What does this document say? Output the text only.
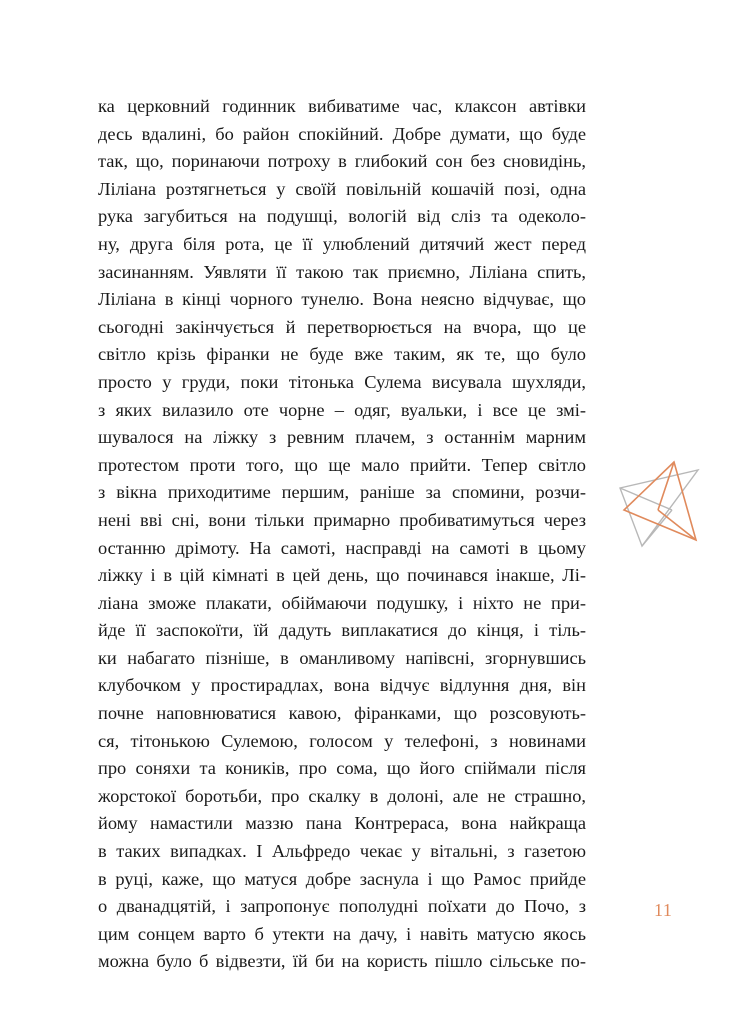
ка церковний годинник вибиватиме час, клаксон автівки
десь вдалині, бо район спокійний. Добре думати, що буде
так, що, поринаючи потроху в глибокий сон без сновидінь,
Ліліана розтягнеться у своїй повільній кошачій позі, одна
рука загубиться на подушці, вологій від сліз та одеколо-
ну, друга біля рота, це її улюблений дитячий жест перед
засинанням. Уявляти її такою так приємно, Ліліана спить,
Ліліана в кінці чорного тунелю. Вона неясно відчуває, що
сьогодні закінчується й перетворюється на вчора, що це
світло крізь фіранки не буде вже таким, як те, що було
просто у груди, поки тітонька Сулема висувала шухляди,
з яких вилазило оте чорне – одяг, вуальки, і все це змі-
шувалося на ліжку з ревним плачем, з останнім марним
протестом проти того, що ще мало прийти. Тепер світло
з вікна приходитиме першим, раніше за спомини, розчи-
нені вві сні, вони тільки примарно пробиватимуться через
останню дрімоту. На самоті, насправді на самоті в цьому
ліжку і в цій кімнаті в цей день, що починався інакше, Лі-
ліана зможе плакати, обіймаючи подушку, і ніхто не при-
йде її заспокоїти, їй дадуть виплакатися до кінця, і тіль-
ки набагато пізніше, в оманливому напівсні, згорнувшись
клубочком у простирадлах, вона відчує відлуння дня, він
почне наповнюватися кавою, фіранками, що розсовують-
ся, тітонькою Сулемою, голосом у телефоні, з новинами
про соняхи та коників, про сома, що його спіймали після
жорстокої боротьби, про скалку в долоні, але не страшно,
йому намастили маззю пана Контрераса, вона найкраща
в таких випадках. І Альфредо чекає у вітальні, з газетою
в руці, каже, що матуся добре заснула і що Рамос прийде
о дванадцятій, і запропонує пополудні поїхати до Почо, з
цим сонцем варто б утекти на дачу, і навіть матусю якось
можна було б відвезти, їй би на користь пішло сільське по-
11
